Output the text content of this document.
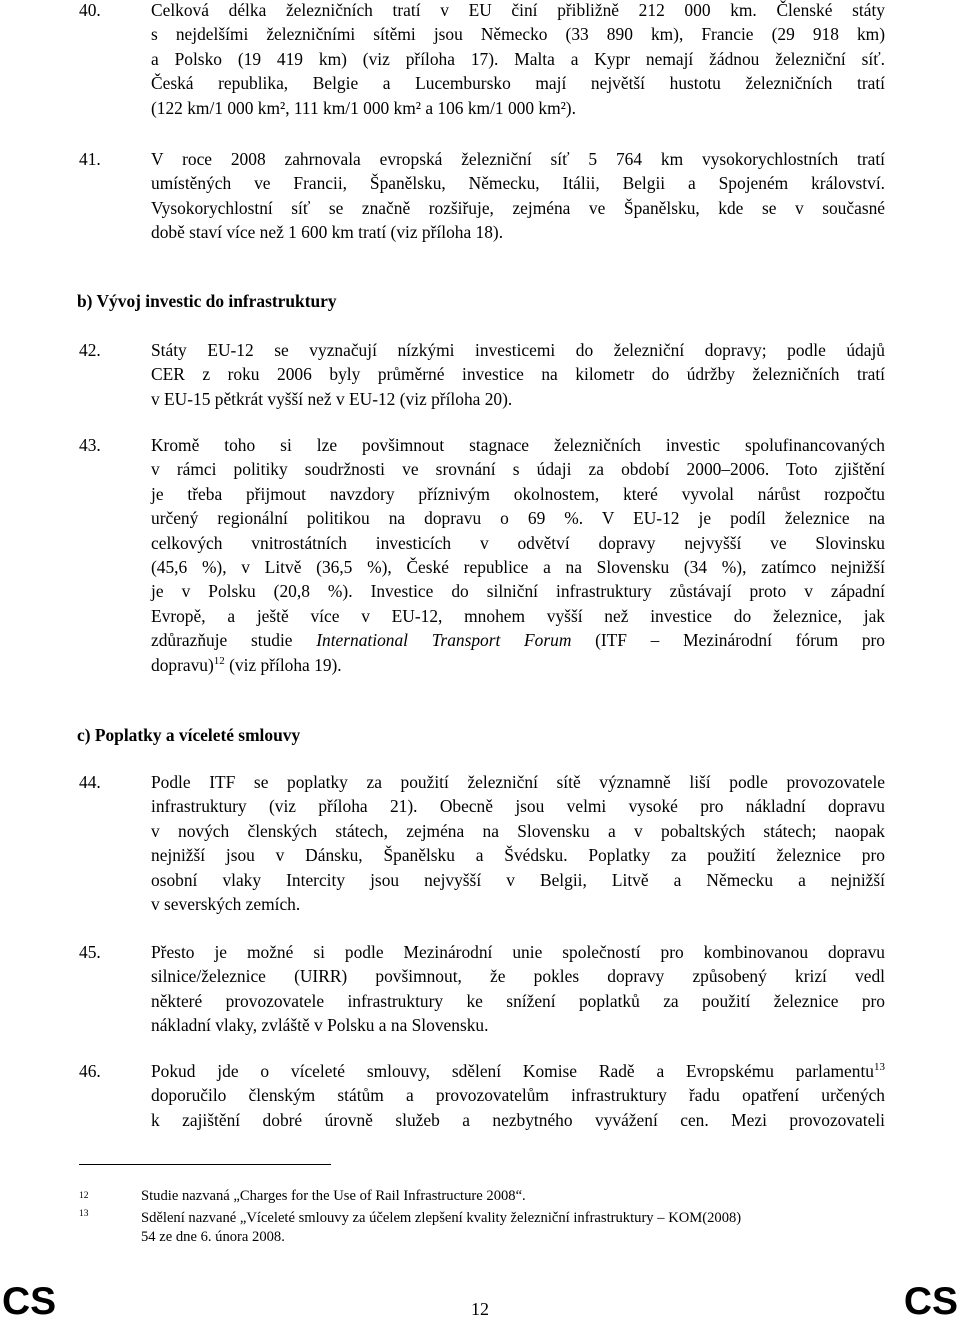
40.	Celková délka železničních tratí v EU činí přibližně 212 000 km. Členské státy
s nejdelšími železničními sítěmi jsou Německo (33 890 km), Francie (29 918 km)
a Polsko (19 419 km) (viz příloha 17). Malta a Kypr nemají žádnou železniční síť.
Česká republika, Belgie a Lucembursko mají největší hustotu železničních tratí
(122 km/1 000 km², 111 km/1 000 km² a 106 km/1 000 km²).
41.	V roce 2008 zahrnovala evropská železniční síť 5 764 km vysokorychlostních tratí
umístěných ve Francii, Španělsku, Německu, Itálii, Belgii a Spojeném království.
Vysokorychlostní síť se značně rozšiřuje, zejména ve Španělsku, kde se v současné
době staví více než 1 600 km tratí (viz příloha 18).
b) Vývoj investic do infrastruktury
42.	Státy EU-12 se vyznačují nízkými investicemi do železniční dopravy; podle údajů
CER z roku 2006 byly průměrné investice na kilometr do údržby železničních tratí
v EU-15 pětkrát vyšší než v EU-12 (viz příloha 20).
43.	Kromě toho si lze povšimnout stagnace železničních investic spolufinancovaných
v rámci politiky soudržnosti ve srovnání s údaji za období 2000–2006. Toto zjištění
je třeba přijmout navzdory příznivým okolnostem, které vyvolal nárůst rozpočtu
určený regionální politikou na dopravu o 69 %. V EU-12 je podíl železnice na
celkových vnitrostátních investicích v odvětví dopravy nejvyšší ve Slovinsku
(45,6 %), v Litvě (36,5 %), České republice a na Slovensku (34 %), zatímco nejnižší
je v Polsku (20,8 %). Investice do silniční infrastruktury zůstávají proto v západní
Evropě, a ještě více v EU-12, mnohem vyšší než investice do železnice, jak
zdůrazňuje studie International Transport Forum (ITF – Mezinárodní fórum pro
dopravu)$^{12}$ (viz příloha 19).
c) Poplatky a víceleté smlouvy
44.	Podle ITF se poplatky za použití železniční sítě významně liší podle provozovatele
infrastruktury (viz příloha 21). Obecně jsou velmi vysoké pro nákladní dopravu
v nových členských státech, zejména na Slovensku a v pobaltských státech; naopak
nejnižší jsou v Dánsku, Španělsku a Švédsku. Poplatky za použití železnice pro
osobní vlaky Intercity jsou nejvyšší v Belgii, Litvě a Německu a nejnižší
v severských zemích.
45.	Přesto je možné si podle Mezinárodní unie společností pro kombinovanou dopravu
silnice/železnice (UIRR) povšimnout, že pokles dopravy způsobený krizí vedl
některé provozovatele infrastruktury ke snížení poplatků za použití železnice pro
nákladní vlaky, zvláště v Polsku a na Slovensku.
46.	Pokud jde o víceleté smlouvy, sdělení Komise Radě a Evropskému parlamentu$^{13}$
doporučilo členským státům a provozovatelům infrastruktury řadu opatření určených
k zajištění dobré úrovně služeb a nezbytného vyvážení cen. Mezi provozovateli
12	Studie nazvaná „Charges for the Use of Rail Infrastructure 2008“.
13	Sdělení nazvané „Víceleté smlouvy za účelem zlepšení kvality železniční infrastruktury – KOM(2008)
54 ze dne 6. února 2008.
CS	12	CS
